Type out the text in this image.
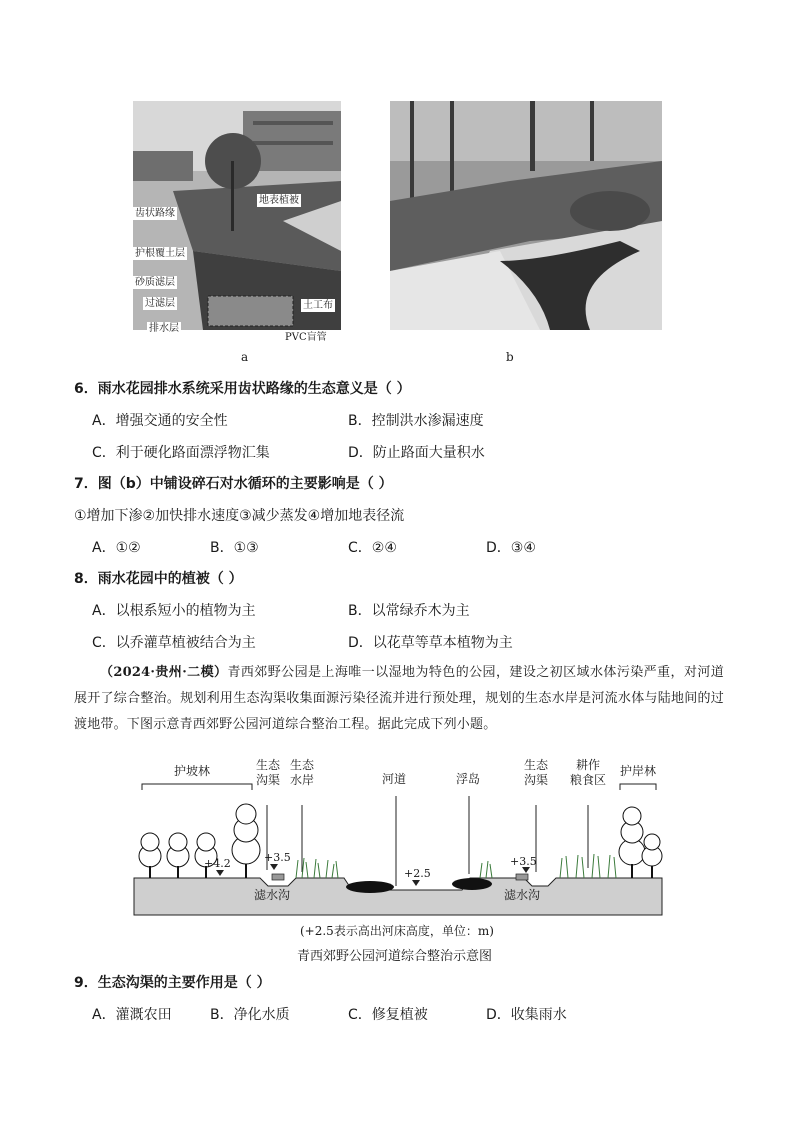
齿状路缘
地表植被
护根覆土层
砂质滤层
过滤层	土工布
排水层
PVC盲管
a	b
6．雨水花园排水系统采用齿状路缘的生态意义是（ ）
A．增强交通的安全性	B．控制洪水渗漏速度
C．利于硬化路面漂浮物汇集	D．防止路面大量积水
7．图（b）中铺设碎石对水循环的主要影响是（ ）
①增加下渗②加快排水速度③减少蒸发④增加地表径流
A．①②	B．①③	C．②④	D．③④
8．雨水花园中的植被（ ）
A．以根系短小的植物为主	B．以常绿乔木为主
C．以乔灌草植被结合为主	D．以花草等草本植物为主
（2024·贵州·二模）青西郊野公园是上海唯一以湿地为特色的公园，建设之初区域水体污染严重，对河道展开了综合整治。规划利用生态沟渠收集面源污染径流并进行预处理，规划的生态水岸是河流水体与陆地间的过渡地带。下图示意青西郊野公园河道综合整治工程。据此完成下列小题。
护坡林	生态
沟渠
生态
水岸	河道	浮岛
生态
沟渠
耕作
粮食区
护岸林
+4.2	+3.5
+2.5
+3.5
滤水沟	滤水沟
(+2.5表示高出河床高度，单位：m)
青西郊野公园河道综合整治示意图
9．生态沟渠的主要作用是（ ）
A．灌溉农田	B．净化水质	C．修复植被	D．收集雨水
